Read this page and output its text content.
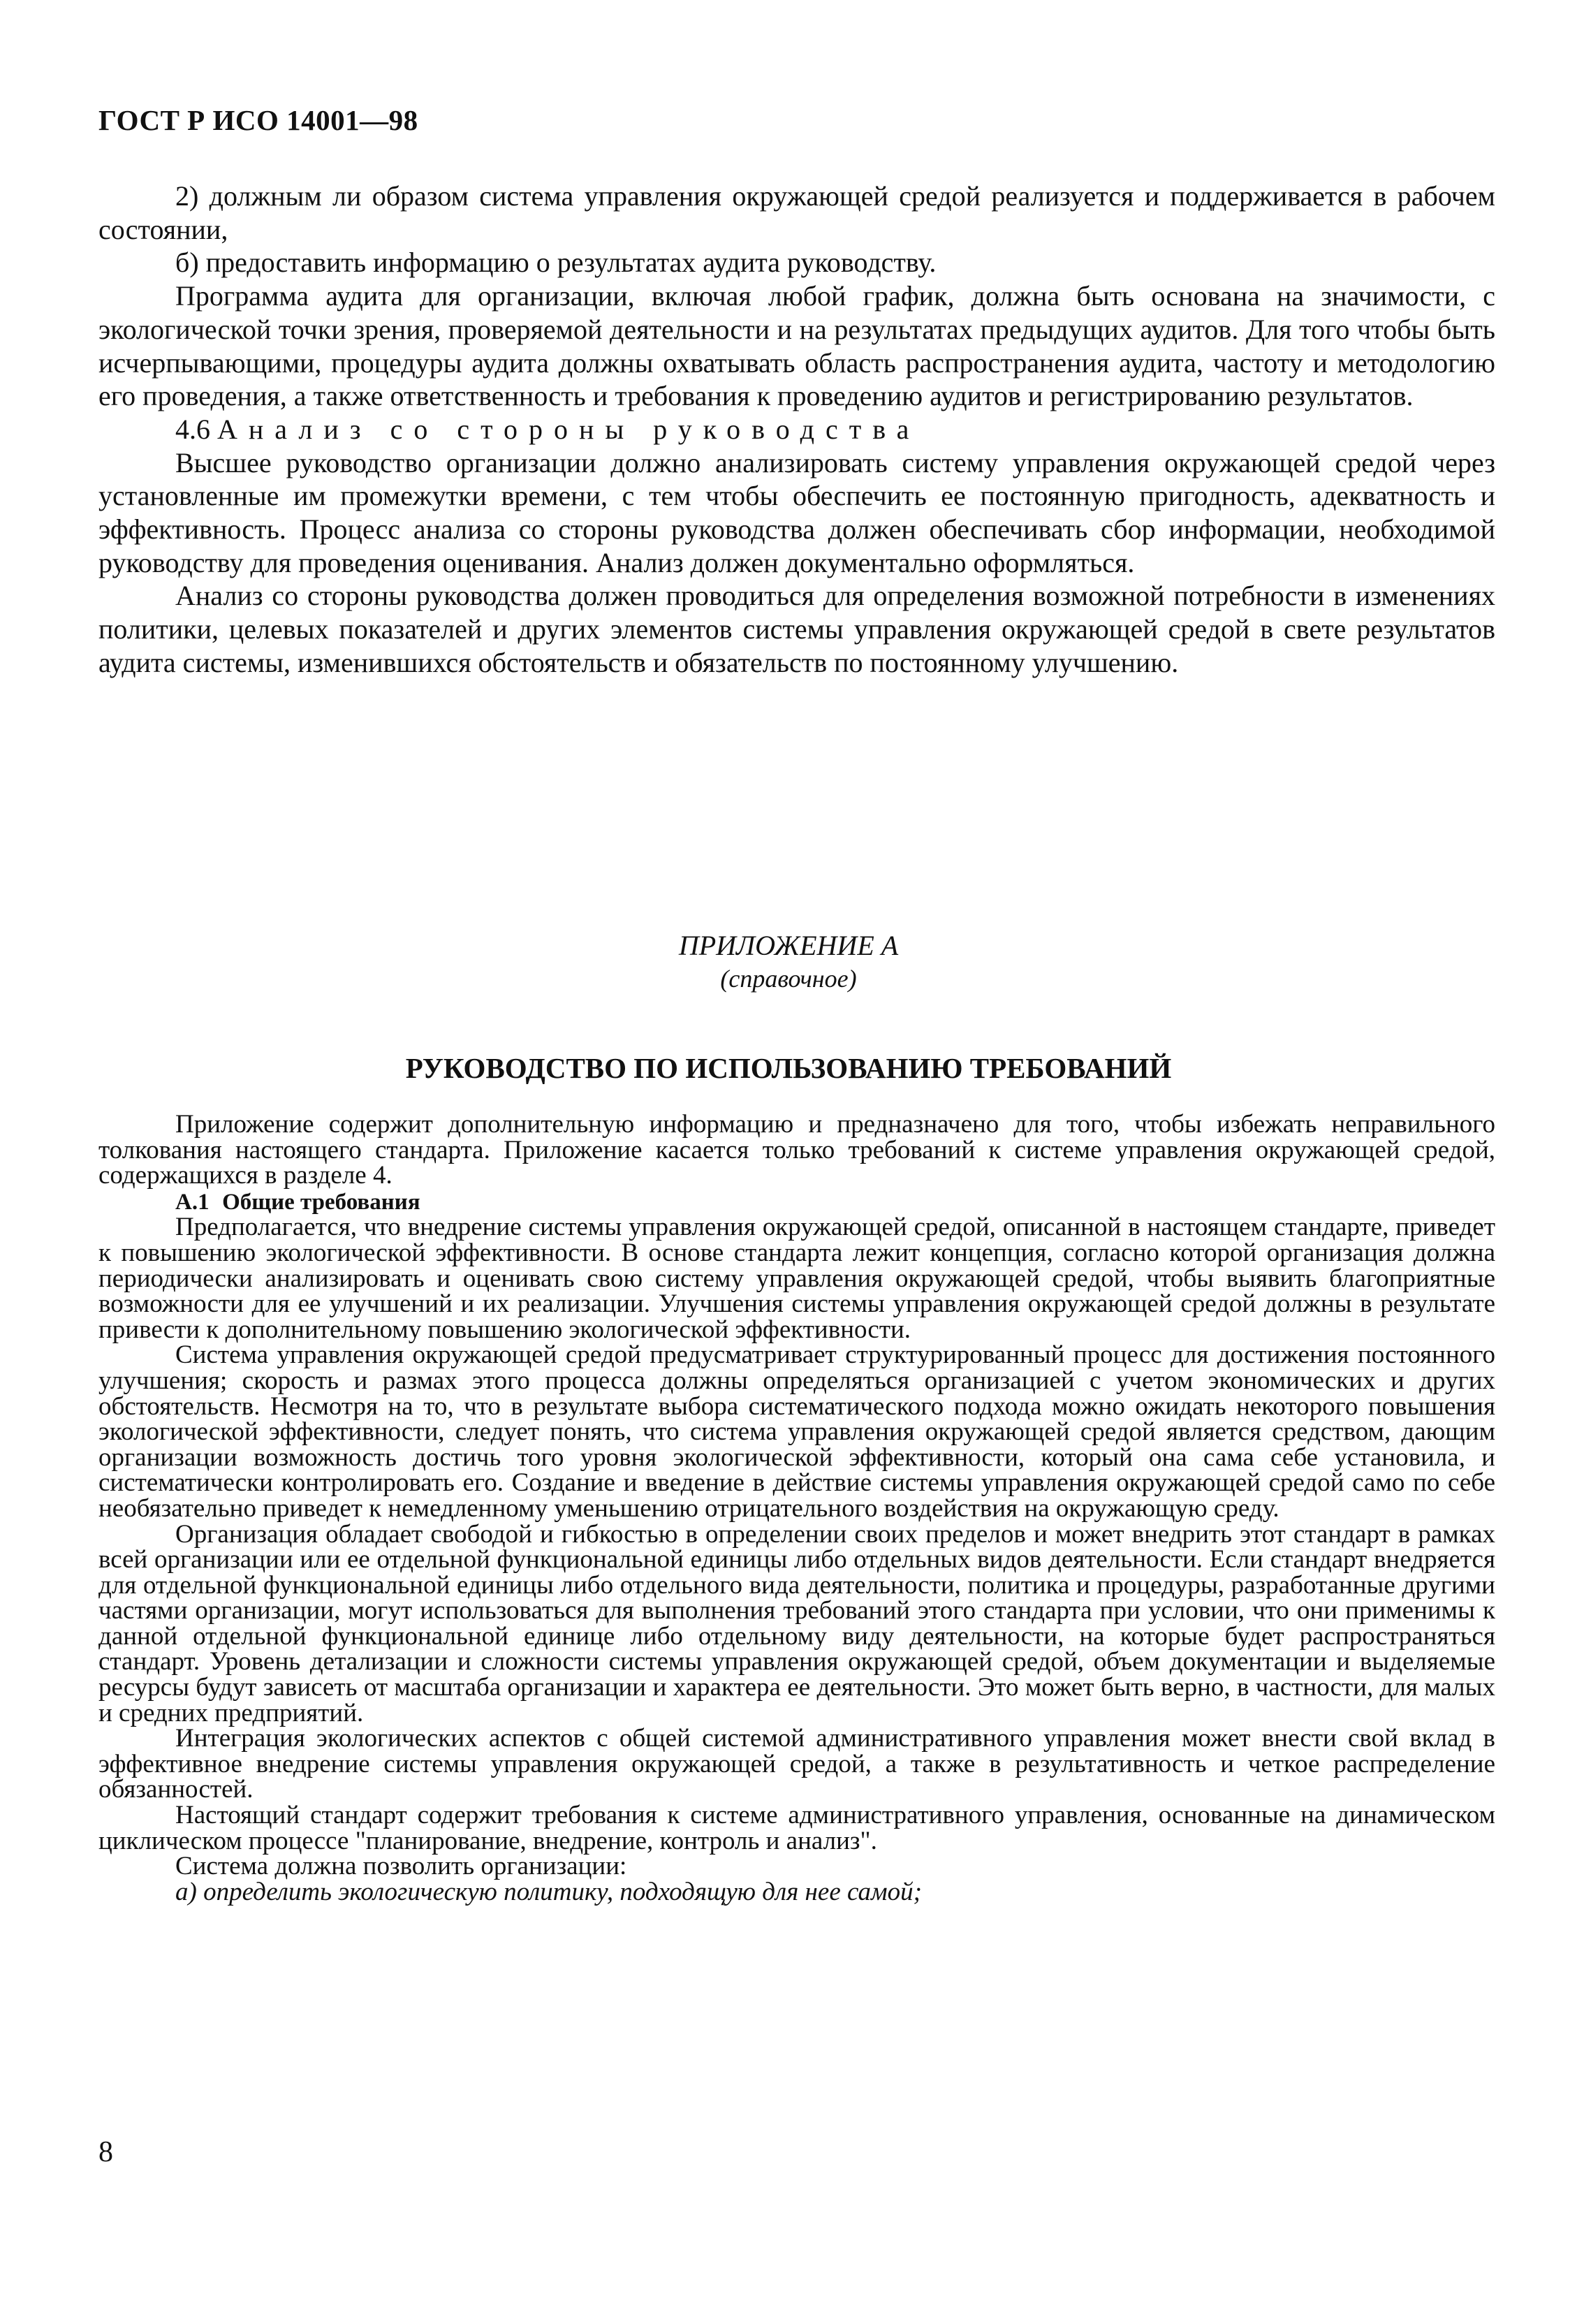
ГОСТ Р ИСО 14001—98

2) должным ли образом система управления окружающей средой реализуется и поддерживается в рабочем состоянии,

б) предоставить информацию о результатах аудита руководству.

Программа аудита для организации, включая любой график, должна быть основана на значимости, с экологической точки зрения, проверяемой деятельности и на результатах предыдущих аудитов. Для того чтобы быть исчерпывающими, процедуры аудита должны охватывать область распространения аудита, частоту и методологию его проведения, а также ответственность и требования к проведению аудитов и регистрированию результатов.

4.6 Анализ со стороны руководства

Высшее руководство организации должно анализировать систему управления окружающей средой через установленные им промежутки времени, с тем чтобы обеспечить ее постоянную пригодность, адекватность и эффективность. Процесс анализа со стороны руководства должен обеспечивать сбор информации, необходимой руководству для проведения оценивания. Анализ должен документально оформляться.

Анализ со стороны руководства должен проводиться для определения возможной потребности в изменениях политики, целевых показателей и других элементов системы управления окружающей средой в свете результатов аудита системы, изменившихся обстоятельств и обязательств по постоянному улучшению.

ПРИЛОЖЕНИЕ А
(справочное)
РУКОВОДСТВО ПО ИСПОЛЬЗОВАНИЮ ТРЕБОВАНИЙ

Приложение содержит дополнительную информацию и предназначено для того, чтобы избежать неправильного толкования настоящего стандарта. Приложение касается только требований к системе управления окружающей средой, содержащихся в разделе 4.

А.1 Общие требования

Предполагается, что внедрение системы управления окружающей средой, описанной в настоящем стандарте, приведет к повышению экологической эффективности. В основе стандарта лежит концепция, согласно которой организация должна периодически анализировать и оценивать свою систему управления окружающей средой, чтобы выявить благоприятные возможности для ее улучшений и их реализации. Улучшения системы управления окружающей средой должны в результате привести к дополнительному повышению экологической эффективности.

Система управления окружающей средой предусматривает структурированный процесс для достижения постоянного улучшения; скорость и размах этого процесса должны определяться организацией с учетом экономических и других обстоятельств. Несмотря на то, что в результате выбора систематического подхода можно ожидать некоторого повышения экологической эффективности, следует понять, что система управления окружающей средой является средством, дающим организации возможность достичь того уровня экологической эффективности, который она сама себе установила, и систематически контролировать его. Создание и введение в действие системы управления окружающей средой само по себе необязательно приведет к немедленному уменьшению отрицательного воздействия на окружающую среду.

Организация обладает свободой и гибкостью в определении своих пределов и может внедрить этот стандарт в рамках всей организации или ее отдельной функциональной единицы либо отдельных видов деятельности. Если стандарт внедряется для отдельной функциональной единицы либо отдельного вида деятельности, политика и процедуры, разработанные другими частями организации, могут использоваться для выполнения требований этого стандарта при условии, что они применимы к данной отдельной функциональной единице либо отдельному виду деятельности, на которые будет распространяться стандарт. Уровень детализации и сложности системы управления окружающей средой, объем документации и выделяемые ресурсы будут зависеть от масштаба организации и характера ее деятельности. Это может быть верно, в частности, для малых и средних предприятий.

Интеграция экологических аспектов с общей системой административного управления может внести свой вклад в эффективное внедрение системы управления окружающей средой, а также в результативность и четкое распределение обязанностей.

Настоящий стандарт содержит требования к системе административного управления, основанные на динамическом циклическом процессе "планирование, внедрение, контроль и анализ".

Система должна позволить организации:

а) определить экологическую политику, подходящую для нее самой;

8
